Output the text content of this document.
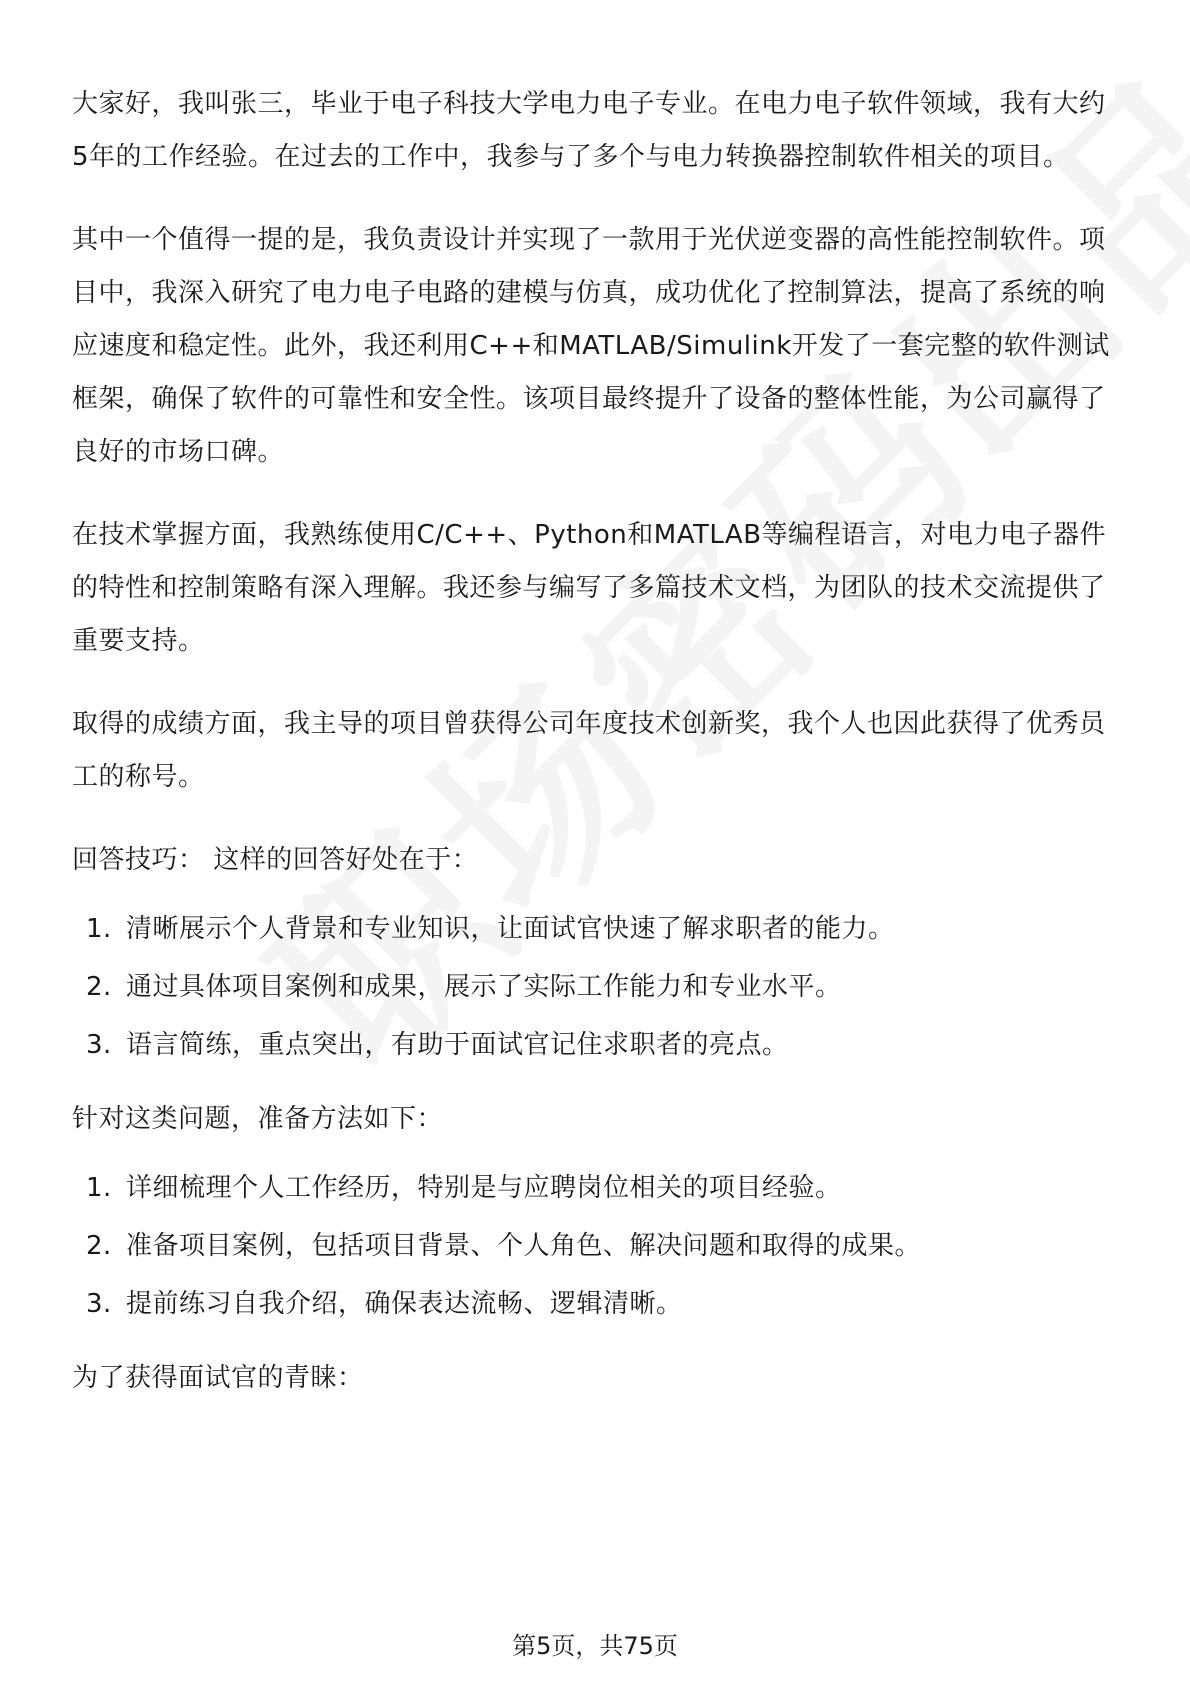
大家好，我叫张三，毕业于电子科技大学电力电子专业。在电力电子软件领域，我有大约5年的工作经验。在过去的工作中，我参与了多个与电力转换器控制软件相关的项目。

其中一个值得一提的是，我负责设计并实现了一款用于光伏逆变器的高性能控制软件。项目中，我深入研究了电力电子电路的建模与仿真，成功优化了控制算法，提高了系统的响应速度和稳定性。此外，我还利用C++和MATLAB/Simulink开发了一套完整的软件测试框架，确保了软件的可靠性和安全性。该项目最终提升了设备的整体性能，为公司赢得了良好的市场口碑。

在技术掌握方面，我熟练使用C/C++、Python和MATLAB等编程语言，对电力电子器件的特性和控制策略有深入理解。我还参与编写了多篇技术文档，为团队的技术交流提供了重要支持。

取得的成绩方面，我主导的项目曾获得公司年度技术创新奖，我个人也因此获得了优秀员工的称号。

回答技巧： 这样的回答好处在于：

1. 清晰展示个人背景和专业知识，让面试官快速了解求职者的能力。
2. 通过具体项目案例和成果，展示了实际工作能力和专业水平。
3. 语言简练，重点突出，有助于面试官记住求职者的亮点。

针对这类问题，准备方法如下：

1. 详细梳理个人工作经历，特别是与应聘岗位相关的项目经验。
2. 准备项目案例，包括项目背景、个人角色、解决问题和取得的成果。
3. 提前练习自我介绍，确保表达流畅、逻辑清晰。

为了获得面试官的青睐：

第5页，共75页
